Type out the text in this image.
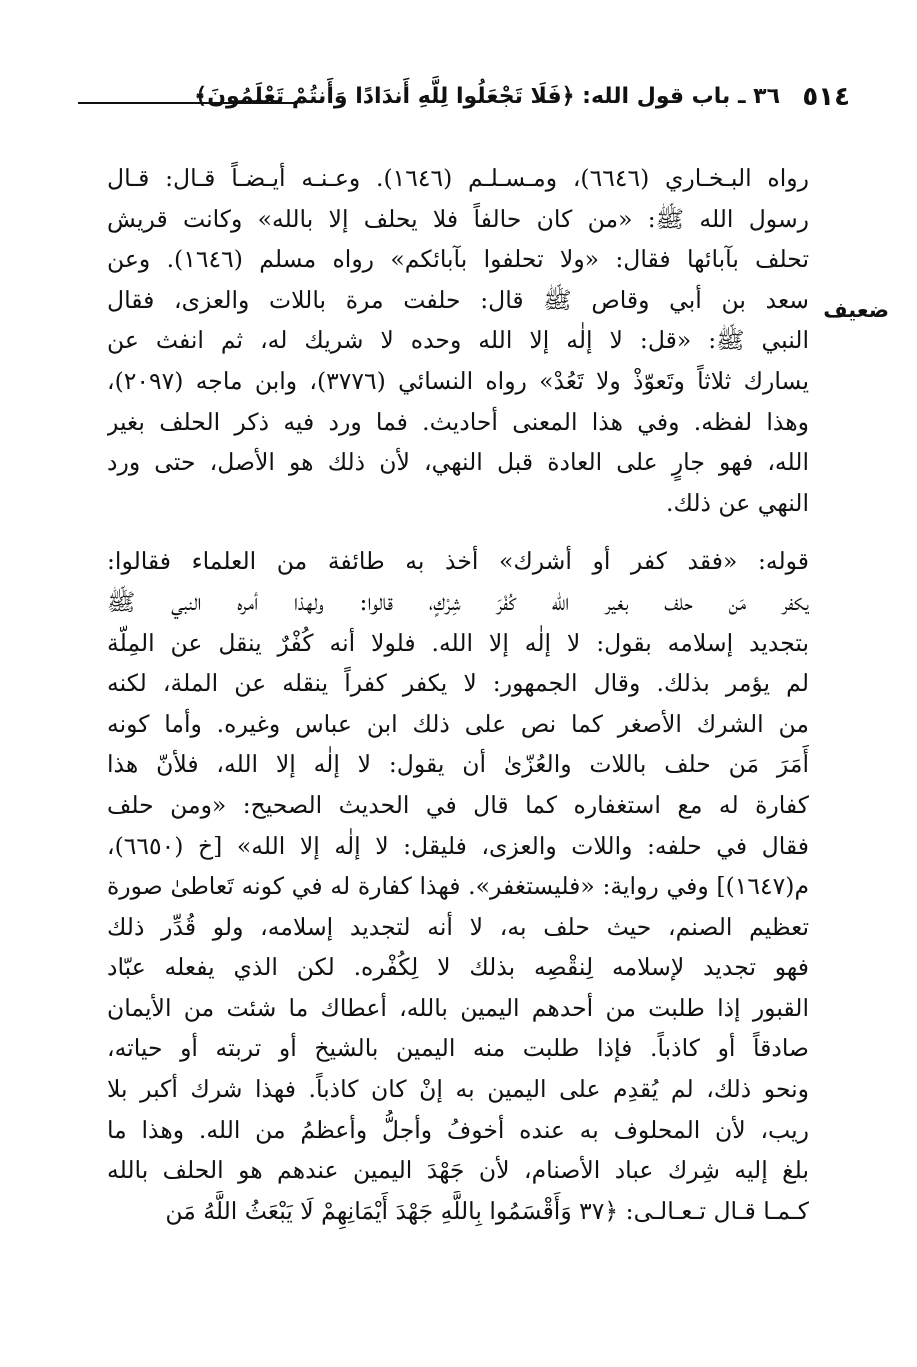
٥١٤
٣٦ ـ باب قول الله: ﴿فَلَا تَجْعَلُوا لِلَّهِ أَندَادًا وَأَنتُمْ تَعْلَمُونَ﴾
ضعيف

رواه البـخـاري (٦٦٤٦)، ومـسـلـم (١٦٤٦). وعـنـه أيـضـاً قـال: قـال
رسول الله ﷺ: «من كان حالفاً فلا يحلف إلا بالله» وكانت قريش
تحلف بآبائها فقال: «ولا تحلفوا بآبائكم» رواه مسلم (١٦٤٦). وعن
سعد بن أبي وقاص ﷺ قال: حلفت مرة باللات والعزى، فقال
النبي ﷺ: «قل: لا إلٰه إلا الله وحده لا شريك له، ثم انفث عن
يسارك ثلاثاً وتَعوّذْ ولا تَعُدْ» رواه النسائي (٣٧٧٦)، وابن ماجه (٢٠٩٧)،
وهذا لفظه. وفي هذا المعنى أحاديث. فما ورد فيه ذكر الحلف بغير
الله، فهو جارٍ على العادة قبل النهي، لأن ذلك هو الأصل، حتى ورد
النهي عن ذلك.

قوله: «فقد كفر أو أشرك» أخذ به طائفة من العلماء فقالوا:
يكفر مَن حلف بغير الله كُفْرَ شِرْكٍ، قالوا: ولهذا أمره النبي ﷺ
بتجديد إسلامه بقول: لا إلٰه إلا الله. فلولا أنه كُفْرٌ ينقل عن المِلّة
لم يؤمر بذلك. وقال الجمهور: لا يكفر كفراً ينقله عن الملة، لكنه
من الشرك الأصغر كما نص على ذلك ابن عباس وغيره. وأما كونه
أَمَرَ مَن حلف باللات والعُزّىٰ أن يقول: لا إلٰه إلا الله، فلأنّ هذا
كفارة له مع استغفاره كما قال في الحديث الصحيح: «ومن حلف
فقال في حلفه: واللات والعزى، فليقل: لا إلٰه إلا الله» [خ (٦٦٥٠)،
م(١٦٤٧)] وفي رواية: «فليستغفر». فهذا كفارة له في كونه تَعاطىٰ صورة
تعظيم الصنم، حيث حلف به، لا أنه لتجديد إسلامه، ولو قُدِّر ذلك
فهو تجديد لإسلامه لِنقْصِه بذلك لا لِكُفْره. لكن الذي يفعله عبّاد
القبور إذا طلبت من أحدهم اليمين بالله، أعطاك ما شئت من الأيمان
صادقاً أو كاذباً. فإذا طلبت منه اليمين بالشيخ أو تربته أو حياته،
ونحو ذلك، لم يُقدِم على اليمين به إنْ كان كاذباً. فهذا شرك أكبر بلا
ريب، لأن المحلوف به عنده أخوفُ وأجلُّ وأعظمُ من الله. وهذا ما
بلغ إليه شِرك عباد الأصنام، لأن جَهْدَ اليمين عندهم هو الحلف بالله
كـمـا قـال تـعـالـى: ﴿٣٧ وَأَقْسَمُوا بِاللَّهِ جَهْدَ أَيْمَانِهِمْ لَا يَبْعَثُ اللَّهُ مَن
